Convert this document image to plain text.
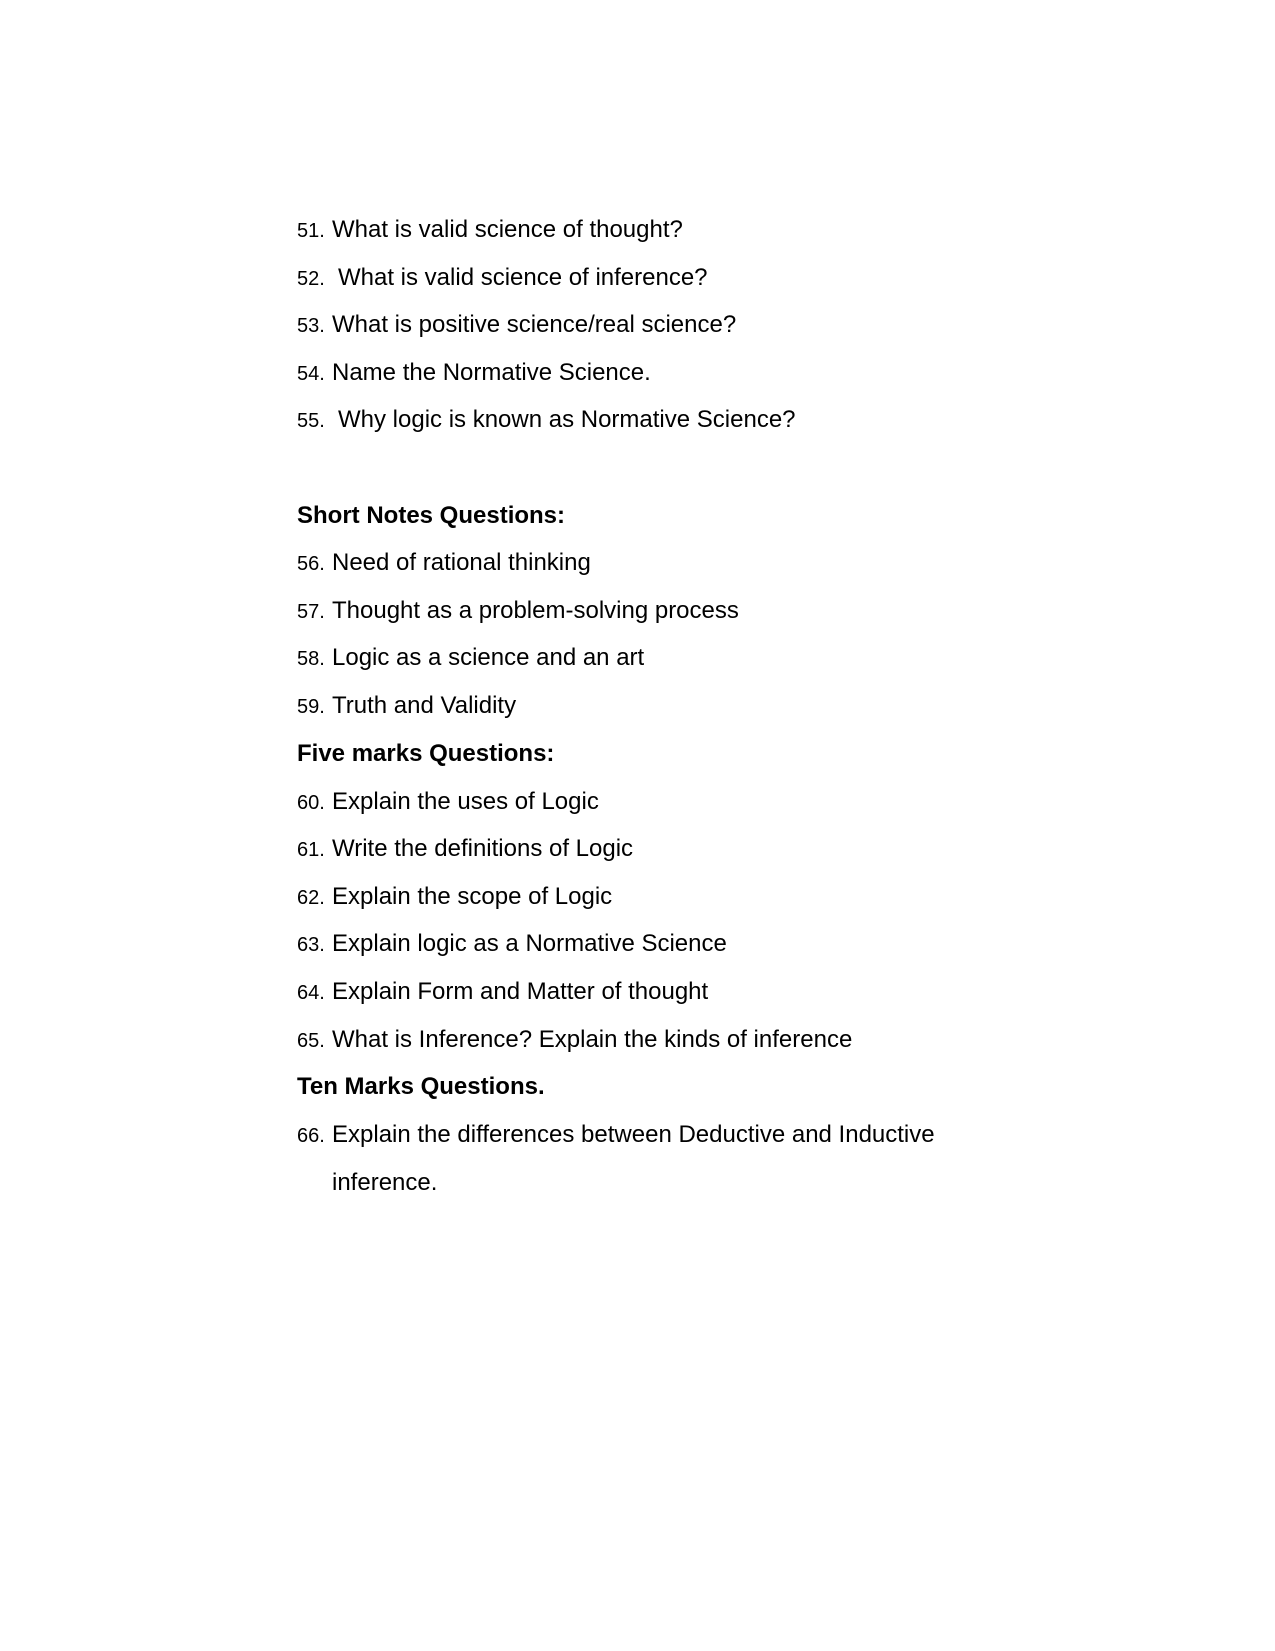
51. What is valid science of thought?
52. What is valid science of inference?
53. What is positive science/real science?
54. Name the Normative Science.
55. Why logic is known as Normative Science?
Short Notes Questions:
56. Need of rational thinking
57. Thought as a problem-solving process
58. Logic as a science and an art
59. Truth and Validity
Five marks Questions:
60. Explain the uses of Logic
61. Write the definitions of Logic
62. Explain the scope of Logic
63. Explain logic as a Normative Science
64. Explain Form and Matter of thought
65. What is Inference? Explain the kinds of inference
Ten Marks Questions.
66. Explain the differences between Deductive and Inductive
inference.
